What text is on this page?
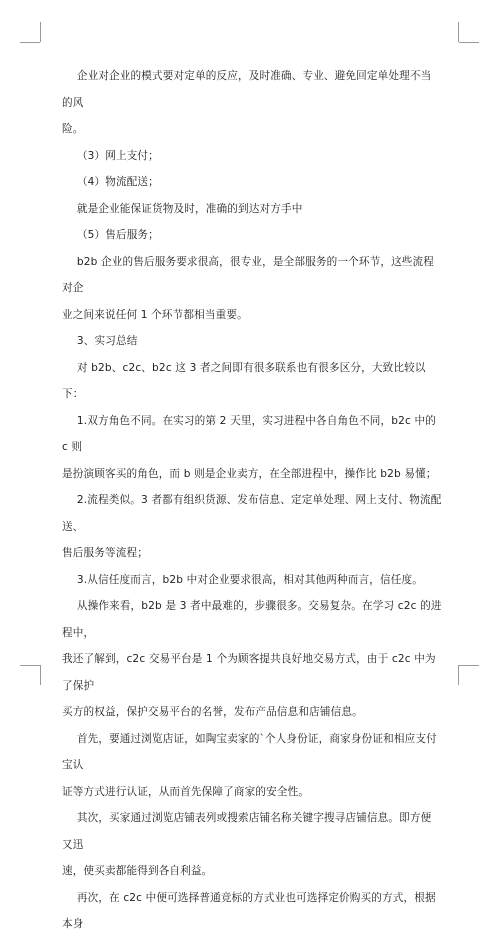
企业对企业的模式要对定单的反应，及时准确、专业、避免回定单处理不当的风
险。

（3）网上支付；

（4）物流配送；

就是企业能保证货物及时，准确的到达对方手中

（5）售后服务；

b2b 企业的售后服务要求很高，很专业，是全部服务的一个环节，这些流程对企
业之间来说任何 1 个环节都相当重要。

3、实习总结

对 b2b、c2c、b2c 这 3 者之间即有很多联系也有很多区分，大致比较以下：

1.双方角色不同。在实习的第 2 天里，实习进程中各自角色不同，b2c 中的 c 则
是扮演顾客买的角色，而 b 则是企业卖方，在全部进程中，操作比 b2b 易懂；

2.流程类似。3 者都有组织货源、发布信息、定定单处理、网上支付、物流配送、
售后服务等流程；

3.从信任度而言，b2b 中对企业要求很高，相对其他两种而言，信任度。

从操作来看，b2b 是 3 者中最难的，步骤很多。交易复杂。在学习 c2c 的进程中，
我还了解到，c2c 交易平台是 1 个为顾客提共良好地交易方式，由于 c2c 中为了保护
买方的权益，保护交易平台的名誉，发布产品信息和店铺信息。

首先，要通过浏览店证，如陶宝卖家的`个人身份证，商家身份证和相应支付宝认
证等方式进行认证，从而首先保障了商家的安全性。

其次，买家通过浏览店铺表列或搜索店铺名称关键字搜寻店铺信息。即方便又迅
速，使买卖都能得到各自利益。

再次，在 c2c 中便可选择普通竞标的方式业也可选择定价购买的方式，根据本身
